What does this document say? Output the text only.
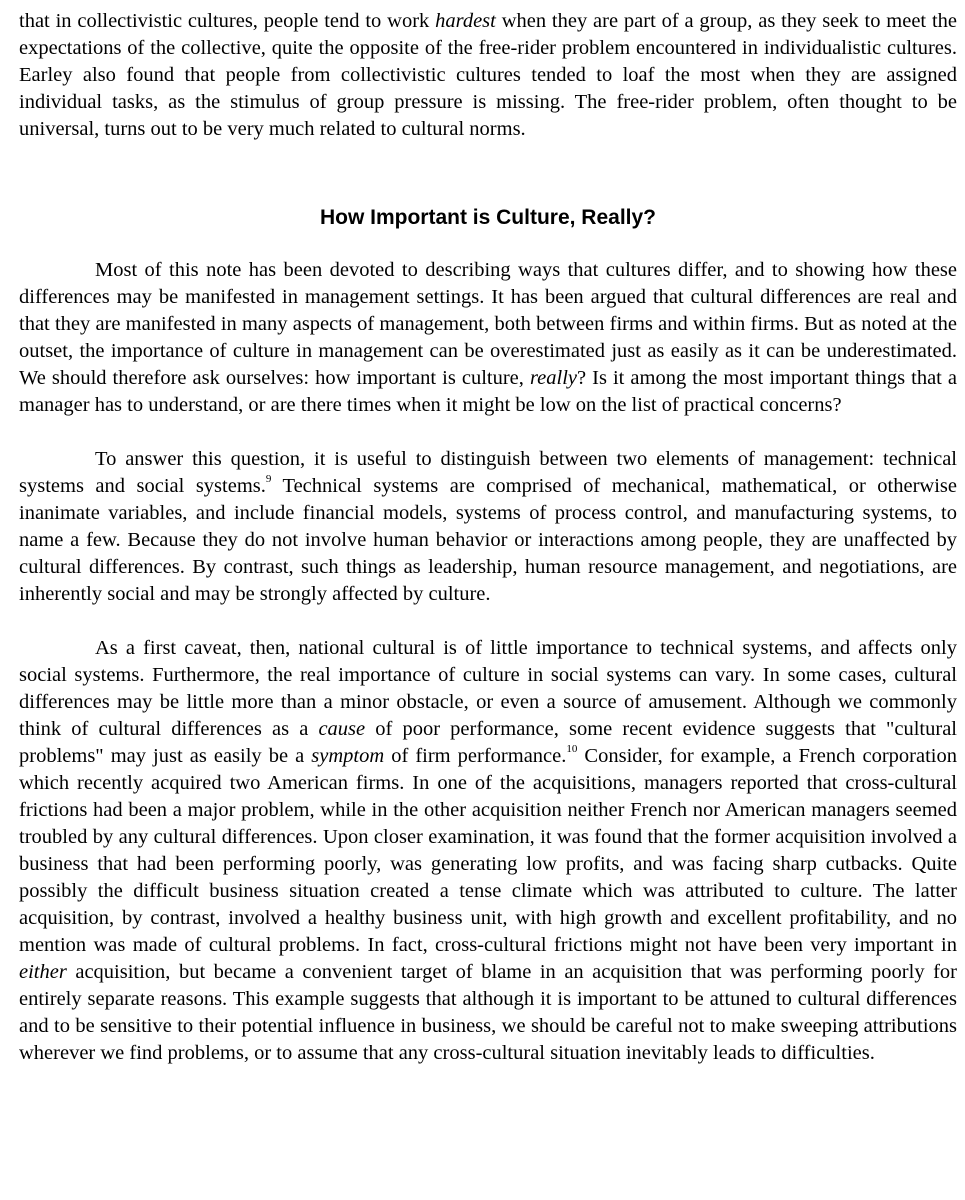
that in collectivistic cultures, people tend to work hardest when they are part of a group, as they seek to meet the expectations of the collective, quite the opposite of the free-rider problem encountered in individualistic cultures. Earley also found that people from collectivistic cultures tended to loaf the most when they are assigned individual tasks, as the stimulus of group pressure is missing. The free-rider problem, often thought to be universal, turns out to be very much related to cultural norms.

How Important is Culture, Really?

Most of this note has been devoted to describing ways that cultures differ, and to showing how these differences may be manifested in management settings. It has been argued that cultural differences are real and that they are manifested in many aspects of management, both between firms and within firms. But as noted at the outset, the importance of culture in management can be overestimated just as easily as it can be underestimated. We should therefore ask ourselves: how important is culture, really? Is it among the most important things that a manager has to understand, or are there times when it might be low on the list of practical concerns?

To answer this question, it is useful to distinguish between two elements of management: technical systems and social systems.$^9$ Technical systems are comprised of mechanical, mathematical, or otherwise inanimate variables, and include financial models, systems of process control, and manufacturing systems, to name a few. Because they do not involve human behavior or interactions among people, they are unaffected by cultural differences. By contrast, such things as leadership, human resource management, and negotiations, are inherently social and may be strongly affected by culture.

As a first caveat, then, national cultural is of little importance to technical systems, and affects only social systems. Furthermore, the real importance of culture in social systems can vary. In some cases, cultural differences may be little more than a minor obstacle, or even a source of amusement. Although we commonly think of cultural differences as a cause of poor performance, some recent evidence suggests that "cultural problems" may just as easily be a symptom of firm performance.$^{10}$ Consider, for example, a French corporation which recently acquired two American firms. In one of the acquisitions, managers reported that cross-cultural frictions had been a major problem, while in the other acquisition neither French nor American managers seemed troubled by any cultural differences. Upon closer examination, it was found that the former acquisition involved a business that had been performing poorly, was generating low profits, and was facing sharp cutbacks. Quite possibly the difficult business situation created a tense climate which was attributed to culture. The latter acquisition, by contrast, involved a healthy business unit, with high growth and excellent profitability, and no mention was made of cultural problems. In fact, cross-cultural frictions might not have been very important in either acquisition, but became a convenient target of blame in an acquisition that was performing poorly for entirely separate reasons. This example suggests that although it is important to be attuned to cultural differences and to be sensitive to their potential influence in business, we should be careful not to make sweeping attributions wherever we find problems, or to assume that any cross-cultural situation inevitably leads to difficulties.
